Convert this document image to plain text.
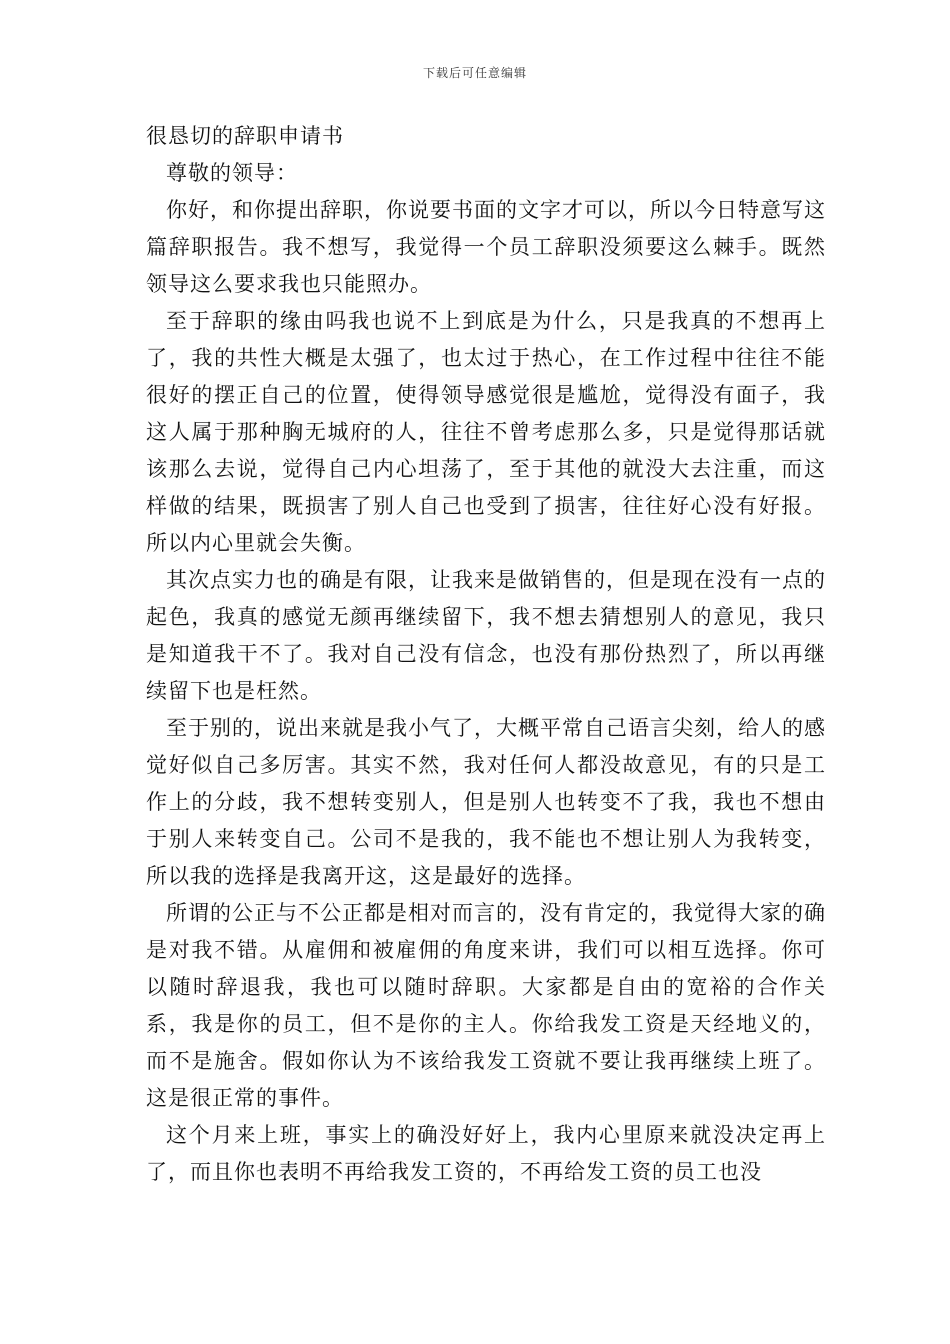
下载后可任意编辑
很恳切的辞职申请书

尊敬的领导：

你好，和你提出辞职，你说要书面的文字才可以，所以今日特意写这篇辞职报告。我不想写，我觉得一个员工辞职没须要这么棘手。既然领导这么要求我也只能照办。

至于辞职的缘由吗我也说不上到底是为什么，只是我真的不想再上了，我的共性大概是太强了，也太过于热心，在工作过程中往往不能很好的摆正自己的位置，使得领导感觉很是尴尬，觉得没有面子，我这人属于那种胸无城府的人，往往不曾考虑那么多，只是觉得那话就该那么去说，觉得自己内心坦荡了，至于其他的就没大去注重，而这样做的结果，既损害了别人自己也受到了损害，往往好心没有好报。所以内心里就会失衡。

其次点实力也的确是有限，让我来是做销售的，但是现在没有一点的起色，我真的感觉无颜再继续留下，我不想去猜想别人的意见，我只是知道我干不了。我对自己没有信念，也没有那份热烈了，所以再继续留下也是枉然。

至于别的，说出来就是我小气了，大概平常自己语言尖刻，给人的感觉好似自己多厉害。其实不然，我对任何人都没故意见，有的只是工作上的分歧，我不想转变别人，但是别人也转变不了我，我也不想由于别人来转变自己。公司不是我的，我不能也不想让别人为我转变，所以我的选择是我离开这，这是最好的选择。

所谓的公正与不公正都是相对而言的，没有肯定的，我觉得大家的确是对我不错。从雇佣和被雇佣的角度来讲，我们可以相互选择。你可以随时辞退我，我也可以随时辞职。大家都是自由的宽裕的合作关系，我是你的员工，但不是你的主人。你给我发工资是天经地义的，而不是施舍。假如你认为不该给我发工资就不要让我再继续上班了。这是很正常的事件。

这个月来上班，事实上的确没好好上，我内心里原来就没决定再上了，而且你也表明不再给我发工资的，不再给发工资的员工也没
